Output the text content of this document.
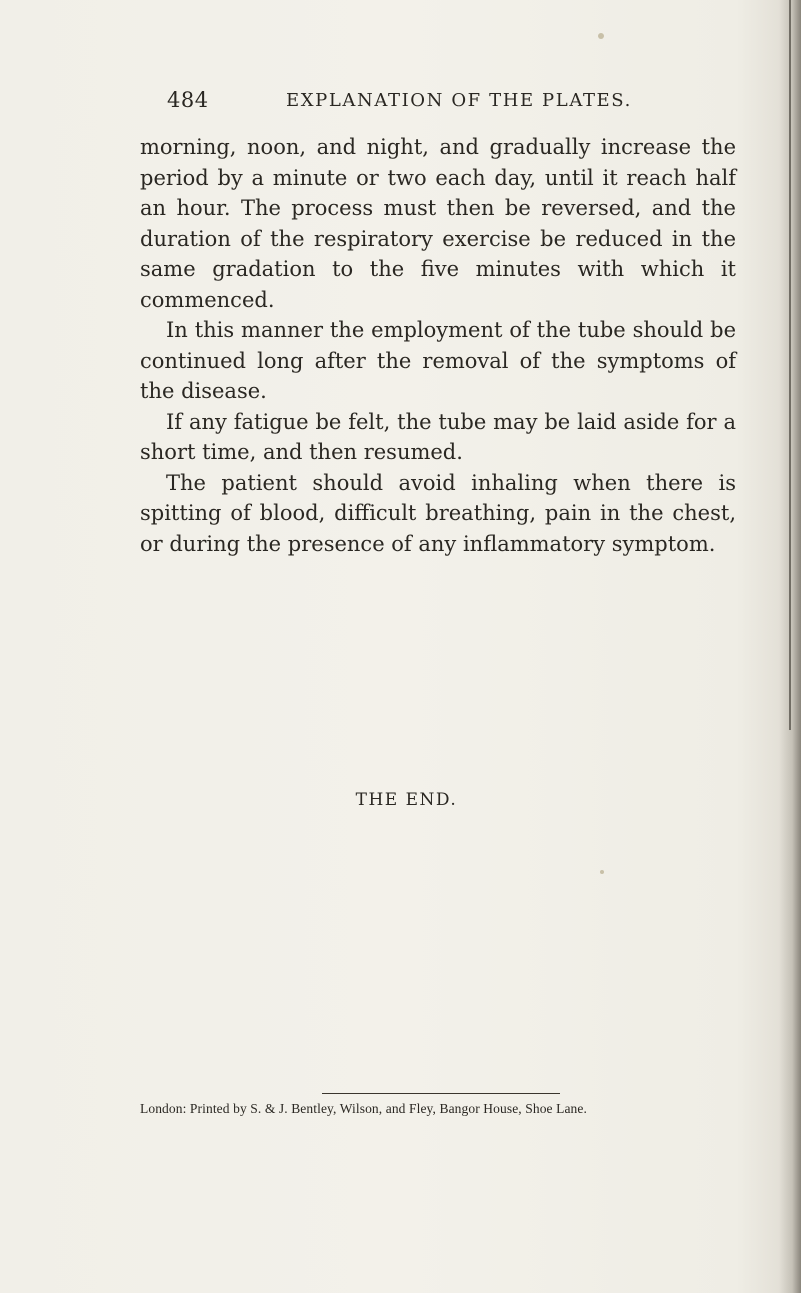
484	EXPLANATION OF THE PLATES.

morning, noon, and night, and gradually increase the period by a minute or two each day, until it reach half an hour. The process must then be reversed, and the duration of the respiratory exercise be reduced in the same gradation to the five minutes with which it commenced.

In this manner the employment of the tube should be continued long after the removal of the symptoms of the disease.

If any fatigue be felt, the tube may be laid aside for a short time, and then resumed.

The patient should avoid inhaling when there is spitting of blood, difficult breathing, pain in the chest, or during the presence of any inflammatory symptom.

THE END.
London: Printed by S. & J. Bentley, Wilson, and Fley, Bangor House, Shoe Lane.
